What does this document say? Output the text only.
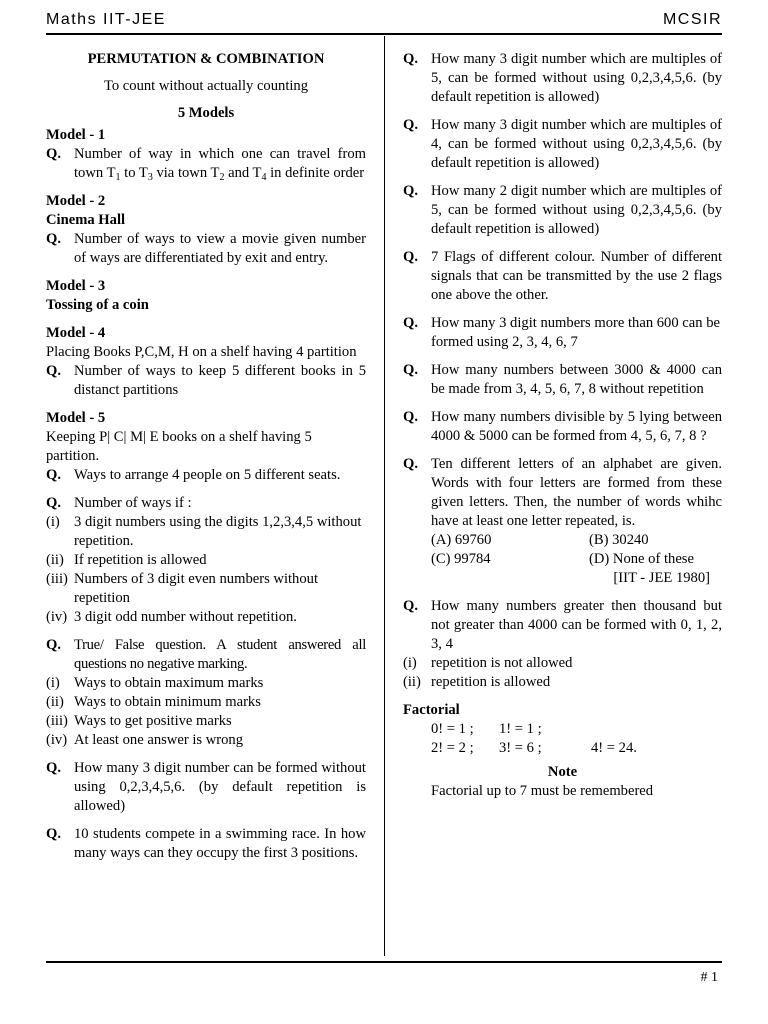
Maths IIT-JEE	MCSIR
PERMUTATION & COMBINATION
To count without actually counting
5 Models
Model - 1
Q. Number of way in which one can travel from town $T_1$ to $T_3$ via town $T_2$ and $T_4$ in definite order
Model - 2
Cinema Hall
Q. Number of ways to view a movie given number of ways are differentiated by exit and entry.
Model - 3
Tossing of a coin
Model - 4
Placing Books P,C,M, H on a shelf having 4 partition
Q. Number of ways to keep 5 different books in 5 distanct partitions
Model - 5
Keeping P| C| M| E books on a shelf having 5 partition.
Q. Ways to arrange 4 people on 5 different seats.
Q. Number of ways if :
(i) 3 digit numbers using the digits 1,2,3,4,5 without repetition.
(ii) If repetition is allowed
(iii) Numbers of 3 digit even numbers without repetition
(iv) 3 digit odd number without repetition.
Q. True/ False question. A student answered all questions no negative marking.
(i) Ways to obtain maximum marks
(ii) Ways to obtain minimum marks
(iii) Ways to get positive marks
(iv) At least one answer is wrong
Q. How many 3 digit number can be formed without using 0,2,3,4,5,6. (by default repetition is allowed)
Q. 10 students compete in a swimming race. In how many ways can they occupy the first 3 positions.
Q. How many 3 digit number which are multiples of 5, can be formed without using 0,2,3,4,5,6. (by default repetition is allowed)
Q. How many 3 digit number which are multiples of 4, can be formed without using 0,2,3,4,5,6. (by default repetition is allowed)
Q. How many 2 digit number which are multiples of 5, can be formed without using 0,2,3,4,5,6. (by default repetition is allowed)
Q. 7 Flags of different colour. Number of different signals that can be transmitted by the use 2 flags one above the other.
Q. How many 3 digit numbers more than 600 can be formed using 2, 3, 4, 6, 7
Q. How many numbers between 3000 & 4000 can be made from 3, 4, 5, 6, 7, 8 without repetition
Q. How many numbers divisible by 5 lying between 4000 & 5000 can be formed from 4, 5, 6, 7, 8 ?
Q. Ten different letters of an alphabet are given. Words with four letters are formed from these given letters. Then, the number of words whihc have at least one letter repeated, is.
(A) 69760	(B) 30240
(C) 99784	(D) None of these
[IIT - JEE 1980]
Q. How many numbers greater then thousand but not greater than 4000 can be formed with 0, 1, 2, 3, 4
(i) repetition is not allowed
(ii) repetition is allowed
Factorial
0! = 1 ; 1! = 1 ;
2! = 2 ; 3! = 6 ;	4! = 24.
Note
Factorial up to 7 must be remembered
# 1
